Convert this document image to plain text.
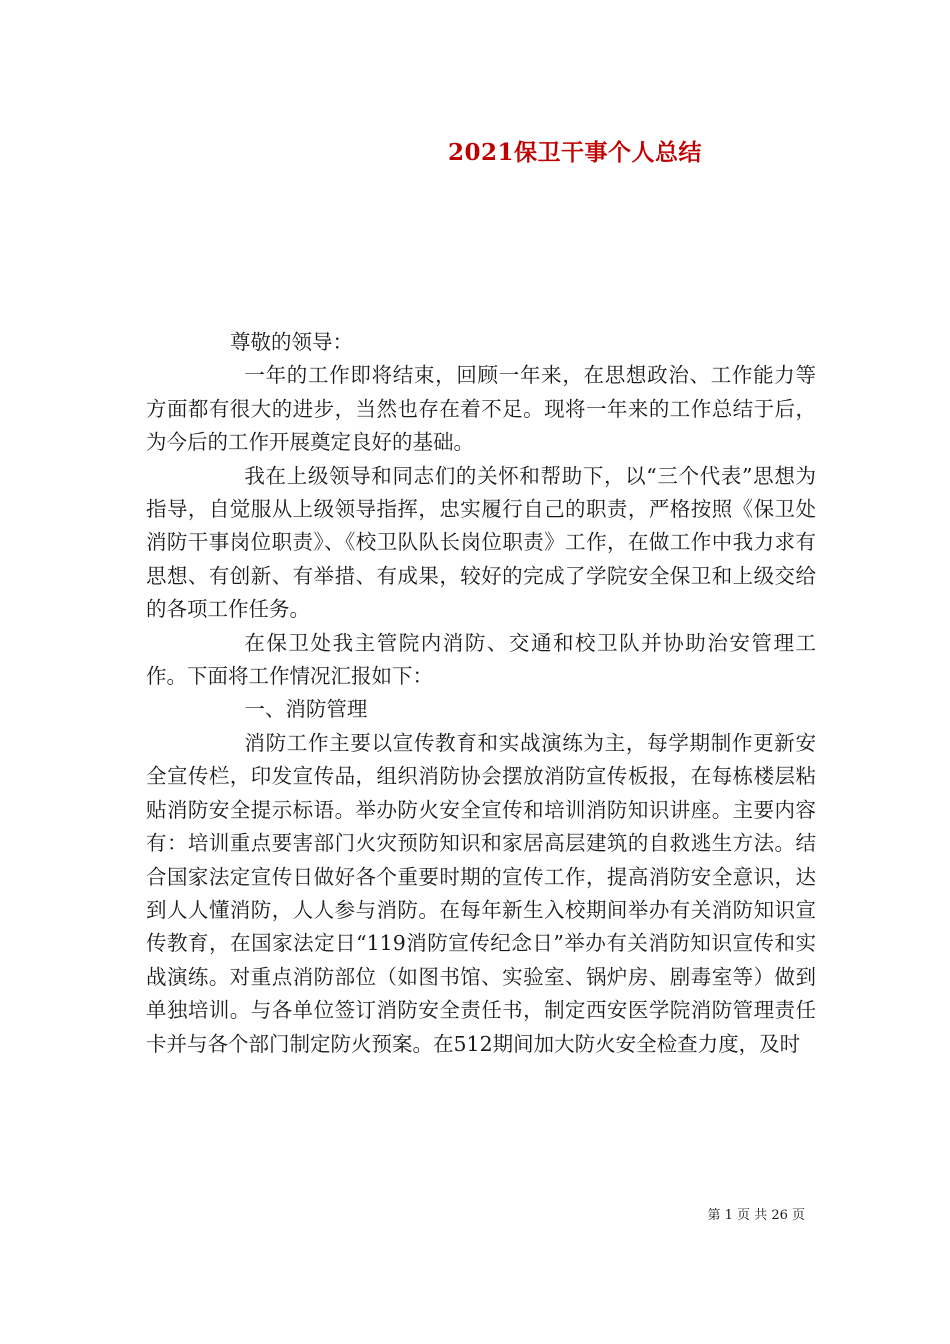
2021保卫干事个人总结

尊敬的领导：

一年的工作即将结束，回顾一年来，在思想政治、工作能力等方面都有很大的进步，当然也存在着不足。现将一年来的工作总结于后，为今后的工作开展奠定良好的基础。

我在上级领导和同志们的关怀和帮助下，以“三个代表”思想为指导，自觉服从上级领导指挥，忠实履行自己的职责，严格按照《保卫处消防干事岗位职责》、《校卫队队长岗位职责》工作，在做工作中我力求有思想、有创新、有举措、有成果，较好的完成了学院安全保卫和上级交给的各项工作任务。

在保卫处我主管院内消防、交通和校卫队并协助治安管理工作。下面将工作情况汇报如下：

一、消防管理

消防工作主要以宣传教育和实战演练为主，每学期制作更新安全宣传栏，印发宣传品，组织消防协会摆放消防宣传板报，在每栋楼层粘贴消防安全提示标语。举办防火安全宣传和培训消防知识讲座。主要内容有：培训重点要害部门火灾预防知识和家居高层建筑的自救逃生方法。结合国家法定宣传日做好各个重要时期的宣传工作，提高消防安全意识，达到人人懂消防，人人参与消防。在每年新生入校期间举办有关消防知识宣传教育，在国家法定日“119消防宣传纪念日”举办有关消防知识宣传和实战演练。对重点消防部位（如图书馆、实验室、锅炉房、剧毒室等）做到单独培训。与各单位签订消防安全责任书，制定西安医学院消防管理责任卡并与各个部门制定防火预案。在512期间加大防火安全检查力度，及时

第 1 页 共 26 页
